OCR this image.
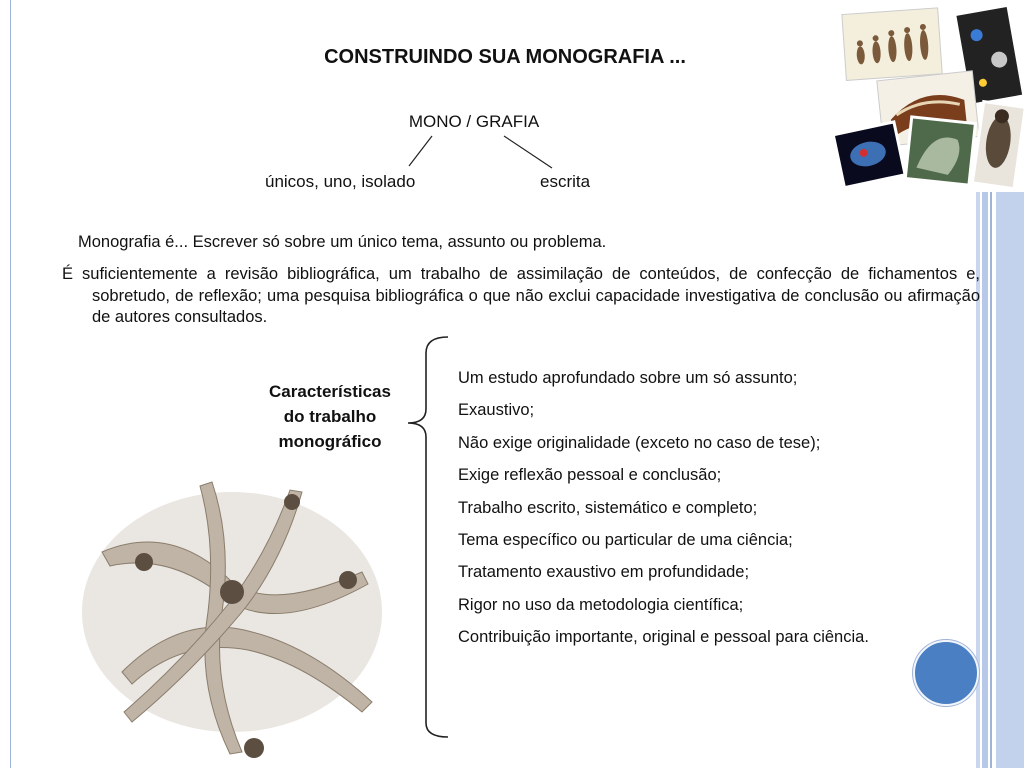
CONSTRUINDO SUA MONOGRAFIA ...
MONO / GRAFIA
únicos, uno, isolado	escrita
Monografia é... Escrever só sobre um único tema, assunto ou problema.
É suficientemente a revisão bibliográfica, um trabalho de assimilação de conteúdos, de confecção de fichamentos e, sobretudo, de reflexão; uma pesquisa bibliográfica o que não exclui capacidade investigativa de conclusão ou afirmação de autores consultados.
Características
do trabalho
monográfico
Um estudo aprofundado sobre um só assunto;
Exaustivo;
Não exige originalidade (exceto no caso de tese);
Exige reflexão pessoal e conclusão;
Trabalho escrito, sistemático e completo;
Tema específico ou particular de uma ciência;
Tratamento exaustivo em profundidade;
Rigor no uso da metodologia científica;
Contribuição importante, original e pessoal para ciência.
